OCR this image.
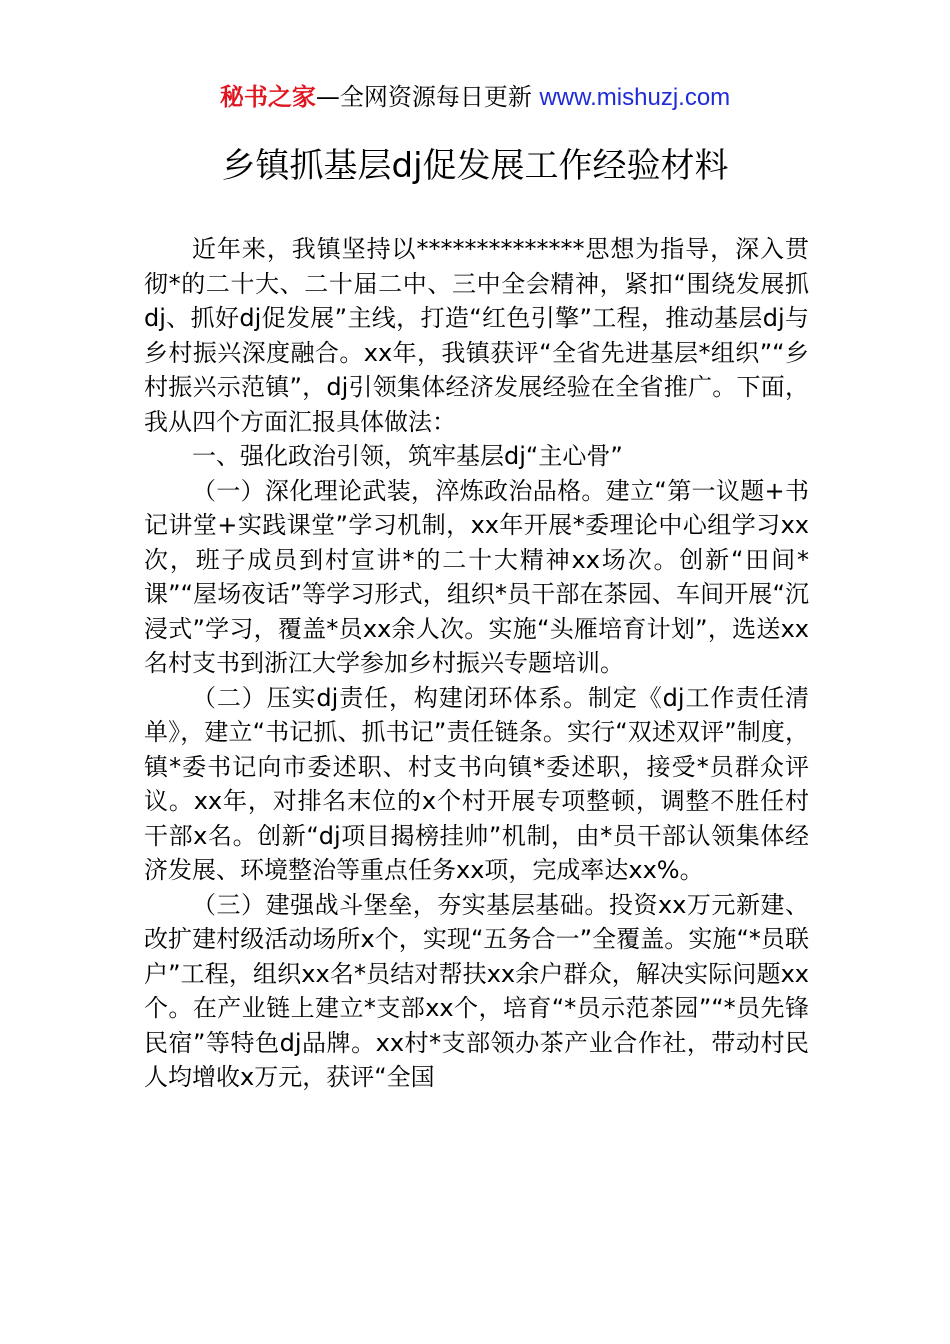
秘书之家—全网资源每日更新 www.mishuzj.com
乡镇抓基层dj促发展工作经验材料

近年来，我镇坚持以**************思想为指导，深入贯彻*的二十大、二十届二中、三中全会精神，紧扣“围绕发展抓dj、抓好dj促发展”主线，打造“红色引擎”工程，推动基层dj与乡村振兴深度融合。xx年，我镇获评“全省先进基层*组织”“乡村振兴示范镇”，dj引领集体经济发展经验在全省推广。下面，我从四个方面汇报具体做法：

一、强化政治引领，筑牢基层dj“主心骨”

（一）深化理论武装，淬炼政治品格。建立“第一议题+书记讲堂+实践课堂”学习机制，xx年开展*委理论中心组学习xx次，班子成员到村宣讲*的二十大精神xx场次。创新“田间*课”“屋场夜话”等学习形式，组织*员干部在茶园、车间开展“沉浸式”学习，覆盖*员xx余人次。实施“头雁培育计划”，选送xx名村支书到浙江大学参加乡村振兴专题培训。

（二）压实dj责任，构建闭环体系。制定《dj工作责任清单》，建立“书记抓、抓书记”责任链条。实行“双述双评”制度，镇*委书记向市委述职、村支书向镇*委述职，接受*员群众评议。xx年，对排名末位的x个村开展专项整顿，调整不胜任村干部x名。创新“dj项目揭榜挂帅”机制，由*员干部认领集体经济发展、环境整治等重点任务xx项，完成率达xx%。

（三）建强战斗堡垒，夯实基层基础。投资xx万元新建、改扩建村级活动场所x个，实现“五务合一”全覆盖。实施“*员联户”工程，组织xx名*员结对帮扶xx余户群众，解决实际问题xx个。在产业链上建立*支部xx个，培育“*员示范茶园”“*员先锋民宿”等特色dj品牌。xx村*支部领办茶产业合作社，带动村民人均增收x万元，获评“全国
